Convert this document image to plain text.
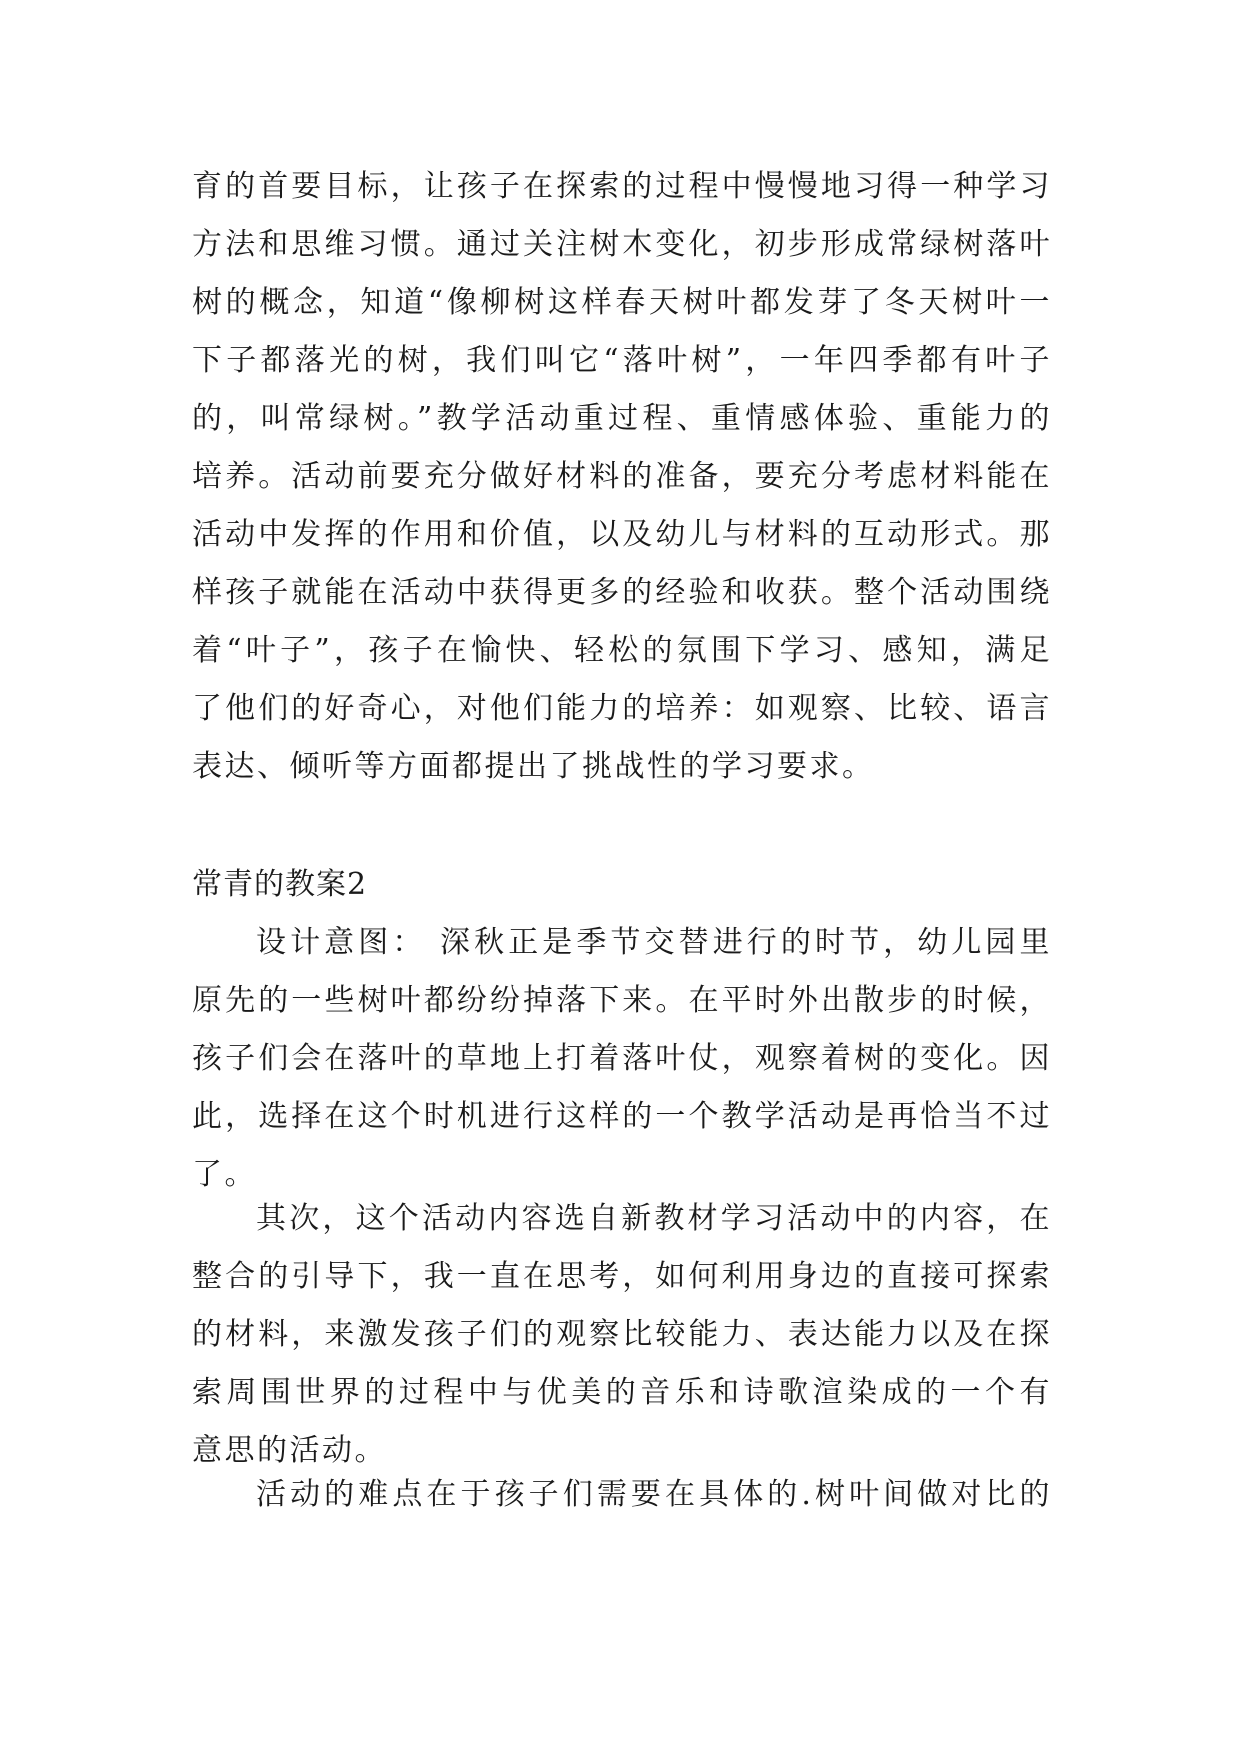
育的首要目标，让孩子在探索的过程中慢慢地习得一种学习
方法和思维习惯。通过关注树木变化，初步形成常绿树落叶
树的概念，知道“像柳树这样春天树叶都发芽了冬天树叶一
下子都落光的树，我们叫它“落叶树”，一年四季都有叶子
的，叫常绿树。”教学活动重过程、重情感体验、重能力的
培养。活动前要充分做好材料的准备，要充分考虑材料能在
活动中发挥的作用和价值，以及幼儿与材料的互动形式。那
样孩子就能在活动中获得更多的经验和收获。整个活动围绕
着“叶子”，孩子在愉快、轻松的氛围下学习、感知，满足
了他们的好奇心，对他们能力的培养：如观察、比较、语言
表达、倾听等方面都提出了挑战性的学习要求。
常青的教案2
设计意图： 深秋正是季节交替进行的时节，幼儿园里
原先的一些树叶都纷纷掉落下来。在平时外出散步的时候，
孩子们会在落叶的草地上打着落叶仗，观察着树的变化。因
此，选择在这个时机进行这样的一个教学活动是再恰当不过
了。
其次，这个活动内容选自新教材学习活动中的内容，在
整合的引导下，我一直在思考，如何利用身边的直接可探索
的材料，来激发孩子们的观察比较能力、表达能力以及在探
索周围世界的过程中与优美的音乐和诗歌渲染成的一个有
意思的活动。
活动的难点在于孩子们需要在具体的.树叶间做对比的
